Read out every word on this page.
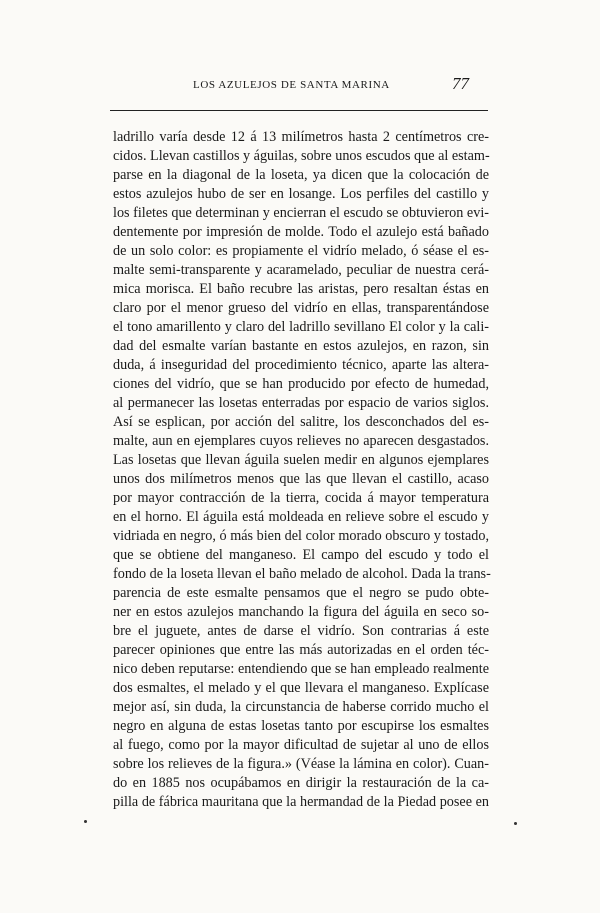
LOS AZULEJOS DE SANTA MARINA	77
ladrillo varía desde 12 á 13 milímetros hasta 2 centímetros cre-
cidos. Llevan castillos y águilas, sobre unos escudos que al estam-
parse en la diagonal de la loseta, ya dicen que la colocación de
estos azulejos hubo de ser en losange. Los perfiles del castillo y
los filetes que determinan y encierran el escudo se obtuvieron evi-
dentemente por impresión de molde. Todo el azulejo está bañado
de un solo color: es propiamente el vidrío melado, ó séase el es-
malte semi-transparente y acaramelado, peculiar de nuestra cerá-
mica morisca. El baño recubre las aristas, pero resaltan éstas en
claro por el menor grueso del vidrío en ellas, transparentándose
el tono amarillento y claro del ladrillo sevillano El color y la cali-
dad del esmalte varían bastante en estos azulejos, en razon, sin
duda, á inseguridad del procedimiento técnico, aparte las altera-
ciones del vidrío, que se han producido por efecto de humedad,
al permanecer las losetas enterradas por espacio de varios siglos.
Así se esplican, por acción del salitre, los desconchados del es-
malte, aun en ejemplares cuyos relieves no aparecen desgastados.
Las losetas que llevan águila suelen medir en algunos ejemplares
unos dos milímetros menos que las que llevan el castillo, acaso
por mayor contracción de la tierra, cocida á mayor temperatura
en el horno. El águila está moldeada en relieve sobre el escudo y
vidriada en negro, ó más bien del color morado obscuro y tostado,
que se obtiene del manganeso. El campo del escudo y todo el
fondo de la loseta llevan el baño melado de alcohol. Dada la trans-
parencia de este esmalte pensamos que el negro se pudo obte-
ner en estos azulejos manchando la figura del águila en seco so-
bre el juguete, antes de darse el vidrío. Son contrarias á este
parecer opiniones que entre las más autorizadas en el orden téc-
nico deben reputarse: entendiendo que se han empleado realmente
dos esmaltes, el melado y el que llevara el manganeso. Explícase
mejor así, sin duda, la circunstancia de haberse corrido mucho el
negro en alguna de estas losetas tanto por escupirse los esmaltes
al fuego, como por la mayor dificultad de sujetar al uno de ellos
sobre los relieves de la figura.» (Véase la lámina en color). Cuan-
do en 1885 nos ocupábamos en dirigir la restauración de la ca-
pilla de fábrica mauritana que la hermandad de la Piedad posee en
